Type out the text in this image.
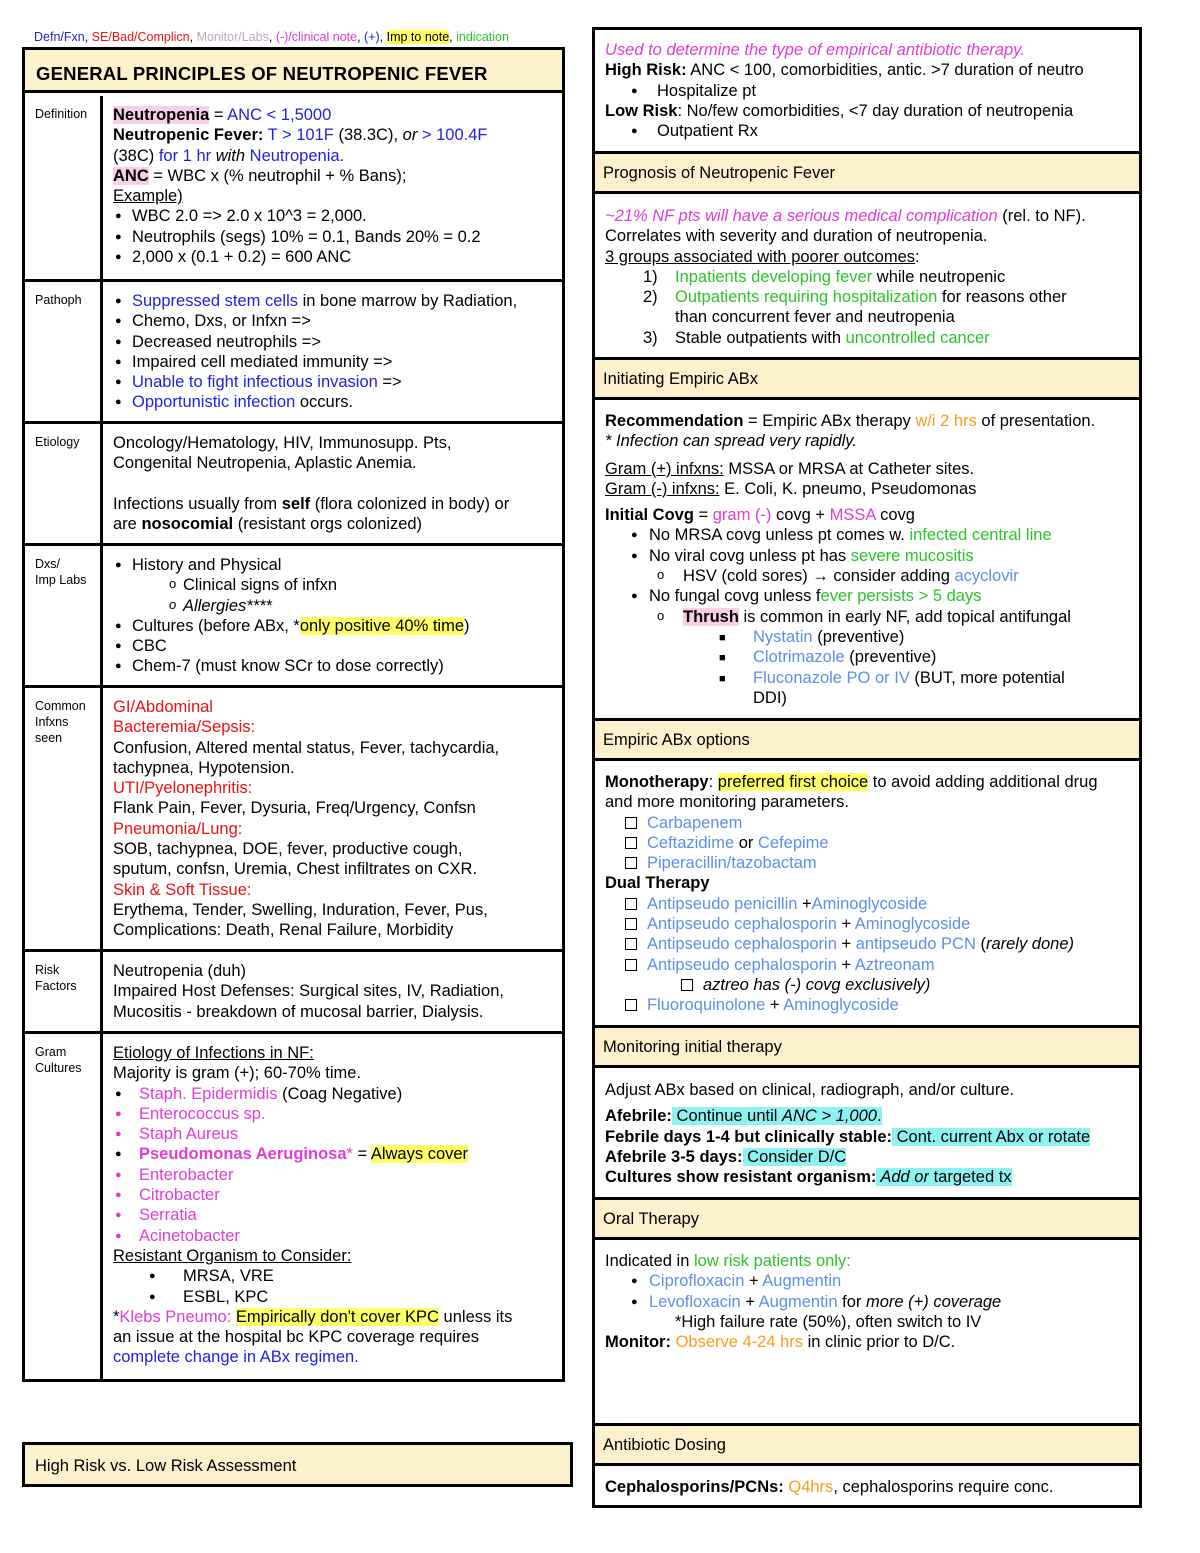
Defn/Fxn, SE/Bad/Complicn, Monitor/Labs, (-)/clinical note, (+), Imp to note, indication
GENERAL PRINCIPLES OF NEUTROPENIC FEVER
Definition	Neutropenia = ANC < 1,5000
Neutropenic Fever: T > 101F (38.3C), or > 100.4F
(38C) for 1 hr with Neutropenia.
ANC = WBC x (% neutrophil + % Bans);
Example)
● WBC 2.0 => 2.0 x 10^3 = 2,000.
● Neutrophils (segs) 10% = 0.1, Bands 20% = 0.2
● 2,000 x (0.1 + 0.2) = 600 ANC
Pathoph
●	Suppressed stem cells in bone marrow by Radiation,
● Chemo, Dxs, or Infxn =>
● Decreased neutrophils =>
● Impaired cell mediated immunity =>
● Unable to fight infectious invasion =>
● Opportunistic infection occurs.
Etiology	Oncology/Hematology, HIV, Immunosupp. Pts,
Congenital Neutropenia, Aplastic Anemia.
Infections usually from self (flora colonized in body) or
are nosocomial (resistant orgs colonized)
Dxs/
Imp Labs
● History and Physical
o Clinical signs of infxn
o Allergies****
● Cultures (before ABx, *only positive 40% time)
● CBC
● Chem-7 (must know SCr to dose correctly)
Common
Infxns
seen
GI/Abdominal
Bacteremia/Sepsis:
Confusion, Altered mental status, Fever, tachycardia,
tachypnea, Hypotension.
UTI/Pyelonephritis:
Flank Pain, Fever, Dysuria, Freq/Urgency, Confsn
Pneumonia/Lung:
SOB, tachypnea, DOE, fever, productive cough,
sputum, confsn, Uremia, Chest infiltrates on CXR.
Skin & Soft Tissue:
Erythema, Tender, Swelling, Induration, Fever, Pus,
Complications: Death, Renal Failure, Morbidity
Risk
Factors
Neutropenia (duh)
Impaired Host Defenses: Surgical sites, IV, Radiation,
Mucositis - breakdown of mucosal barrier, Dialysis.
Gram
Cultures
Etiology of Infections in NF:
Majority is gram (+); 60-70% time.
● Staph. Epidermidis (Coag Negative)
● Enterococcus sp.
● Staph Aureus
● Pseudomonas Aeruginosa* = Always cover
● Enterobacter
● Citrobacter
● Serratia
● Acinetobacter
Resistant Organism to Consider:
● MRSA, VRE
● ESBL, KPC
*Klebs Pneumo: Empirically don't cover KPC unless its
an issue at the hospital bc KPC coverage requires
complete change in ABx regimen.
High Risk vs. Low Risk Assessment
Used to determine the type of empirical antibiotic therapy.
High Risk: ANC < 100, comorbidities, antic. >7 duration of neutro
● Hospitalize pt
Low Risk: No/few comorbidities, <7 day duration of neutropenia
● Outpatient Rx
Prognosis of Neutropenic Fever
~21% NF pts will have a serious medical complication (rel. to NF).
Correlates with severity and duration of neutropenia.
3 groups associated with poorer outcomes:
1) Inpatients developing fever while neutropenic
2) Outpatients requiring hospitalization for reasons other
than concurrent fever and neutropenia
3) Stable outpatients with uncontrolled cancer
Initiating Empiric ABx
Recommendation = Empiric ABx therapy w/i 2 hrs of presentation.
* Infection can spread very rapidly.
Gram (+) infxns: MSSA or MRSA at Catheter sites.
Gram (-) infxns: E. Coli, K. pneumo, Pseudomonas
Initial Covg = gram (-) covg + MSSA covg
● No MRSA covg unless pt comes w. infected central line
● No viral covg unless pt has severe mucositis
o HSV (cold sores) → consider adding acyclovir
● No fungal covg unless fever persists > 5 days
o Thrush is common in early NF, add topical antifungal
■ Nystatin (preventive)
■ Clotrimazole (preventive)
■ Fluconazole PO or IV (BUT, more potential
DDI)
Empiric ABx options
Monotherapy: preferred first choice to avoid adding additional drug
and more monitoring parameters.
Carbapenem
Ceftazidime or Cefepime
Piperacillin/tazobactam
Dual Therapy
Antipseudo penicillin +Aminoglycoside
Antipseudo cephalosporin + Aminoglycoside
Antipseudo cephalosporin + antipseudo PCN (rarely done)
Antipseudo cephalosporin + Aztreonam
aztreo has (-) covg exclusively)
Fluoroquinolone + Aminoglycoside
Monitoring initial therapy
Adjust ABx based on clinical, radiograph, and/or culture.
Afebrile: Continue until ANC > 1,000.
Febrile days 1-4 but clinically stable: Cont. current Abx or rotate
Afebrile 3-5 days: Consider D/C
Cultures show resistant organism: Add or targeted tx
Oral Therapy
Indicated in low risk patients only:
● Ciprofloxacin + Augmentin
● Levofloxacin + Augmentin for more (+) coverage
*High failure rate (50%), often switch to IV
Monitor: Observe 4-24 hrs in clinic prior to D/C.
Antibiotic Dosing
Cephalosporins/PCNs: Q4hrs, cephalosporins require conc.
